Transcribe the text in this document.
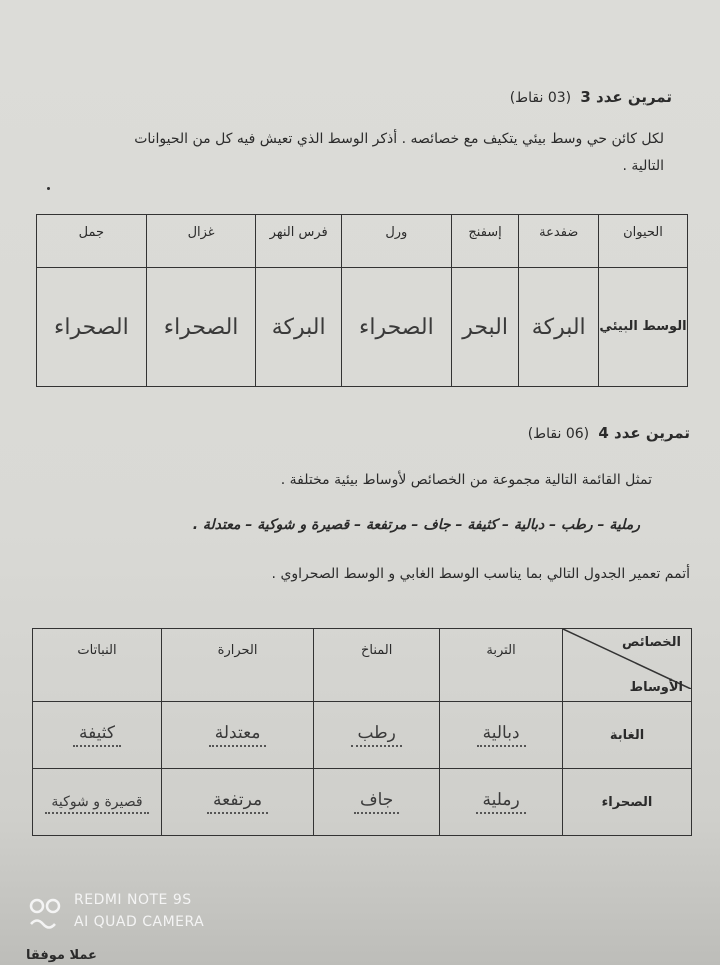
تمرين عدد 3 (03 نقاط)
لكل كائن حي وسط بيئي يتكيف مع خصائصه . أذكر الوسط الذي تعيش فيه كل من الحيوانات
التالية .
الحيوان	ضفدعة	إسفنج	ورل	فرس النهر	غزال	جمل
الوسط البيئي	البركة	البحر	الصحراء	البركة	الصحراء	الصحراء
تمرين عدد 4 (06 نقاط)
تمثل القائمة التالية مجموعة من الخصائص لأوساط بيئية مختلفة .
رملية – رطب – دبالية – كثيفة – جاف – مرتفعة – قصيرة و شوكية – معتدلة .
أتمم تعمير الجدول التالي بما يناسب الوسط الغابي و الوسط الصحراوي .
الخصائص
الأوساط	التربة	المناخ	الحرارة	النباتات
الغابة	دبالية	رطب	معتدلة	كثيفة
الصحراء	رملية	جاف	مرتفعة	قصيرة و شوكية
REDMI NOTE 9S
AI QUAD CAMERA
عملا موفقا
